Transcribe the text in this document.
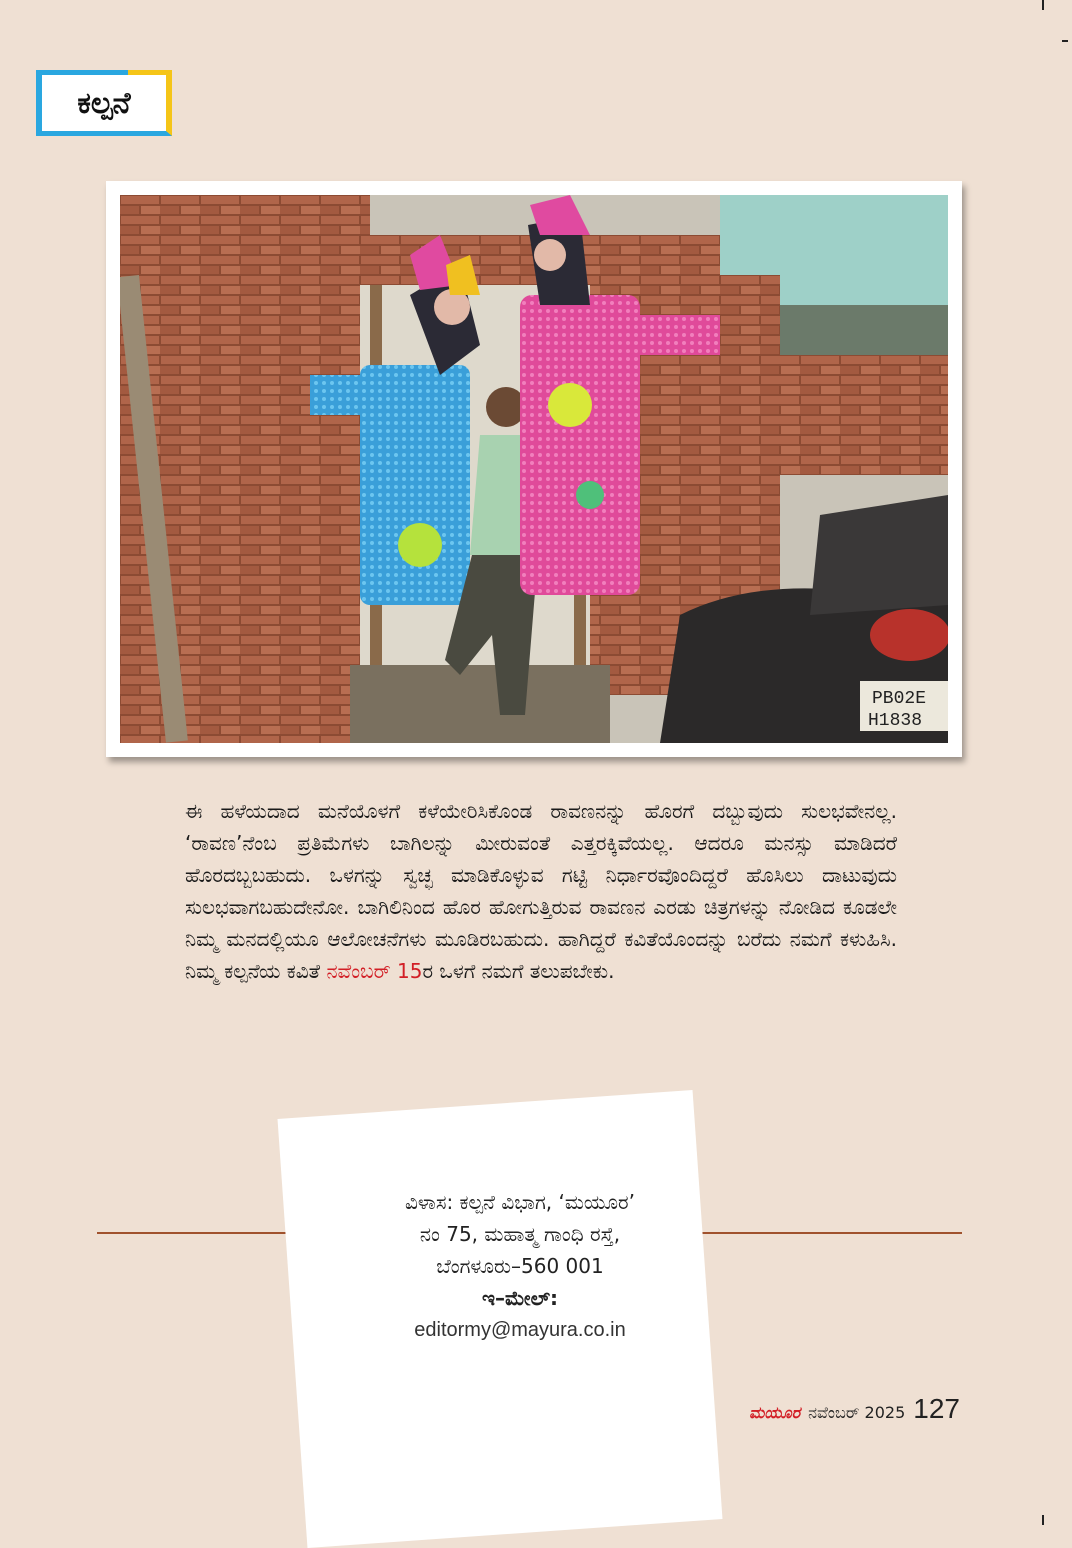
ಕಲ್ಪನೆ
PB02E
H1838
ಈ ಹಳೆಯದಾದ ಮನೆಯೊಳಗೆ ಕಳೆಯೇರಿಸಿಕೊಂಡ ರಾವಣನನ್ನು ಹೊರಗೆ ದಬ್ಬುವುದು ಸುಲಭವೇನಲ್ಲ. ‘ರಾವಣ’ನೆಂಬ ಪ್ರತಿಮೆಗಳು ಬಾಗಿಲನ್ನು ಮೀರುವಂತೆ ಎತ್ತರಕ್ಕಿವೆಯಲ್ಲ. ಆದರೂ ಮನಸ್ಸು ಮಾಡಿದರೆ ಹೊರದಬ್ಬಬಹುದು. ಒಳಗನ್ನು ಸ್ವಚ್ಛ ಮಾಡಿಕೊಳ್ಳುವ ಗಟ್ಟಿ ನಿರ್ಧಾರವೊಂದಿದ್ದರೆ ಹೊಸಿಲು ದಾಟುವುದು ಸುಲಭವಾಗಬಹುದೇನೋ. ಬಾಗಿಲಿನಿಂದ ಹೊರ ಹೋಗುತ್ತಿರುವ ರಾವಣನ ಎರಡು ಚಿತ್ರಗಳನ್ನು ನೋಡಿದ ಕೂಡಲೇ ನಿಮ್ಮ ಮನದಲ್ಲಿಯೂ ಆಲೋಚನೆಗಳು ಮೂಡಿರಬಹುದು. ಹಾಗಿದ್ದರೆ ಕವಿತೆಯೊಂದನ್ನು ಬರೆದು ನಮಗೆ ಕಳುಹಿಸಿ. ನಿಮ್ಮ ಕಲ್ಪನೆಯ ಕವಿತೆ ನವೆಂಬರ್ 15ರ ಒಳಗೆ ನಮಗೆ ತಲುಪಬೇಕು.
ವಿಳಾಸ: ಕಲ್ಪನೆ ವಿಭಾಗ, ‘ಮಯೂರ’
ನಂ 75, ಮಹಾತ್ಮ ಗಾಂಧಿ ರಸ್ತೆ,
ಬೆಂಗಳೂರು–560 001
ಇ–ಮೇಲ್:
editormy@mayura.co.in
ಮಯೂರ ನವೆಂಬರ್ 2025 127
